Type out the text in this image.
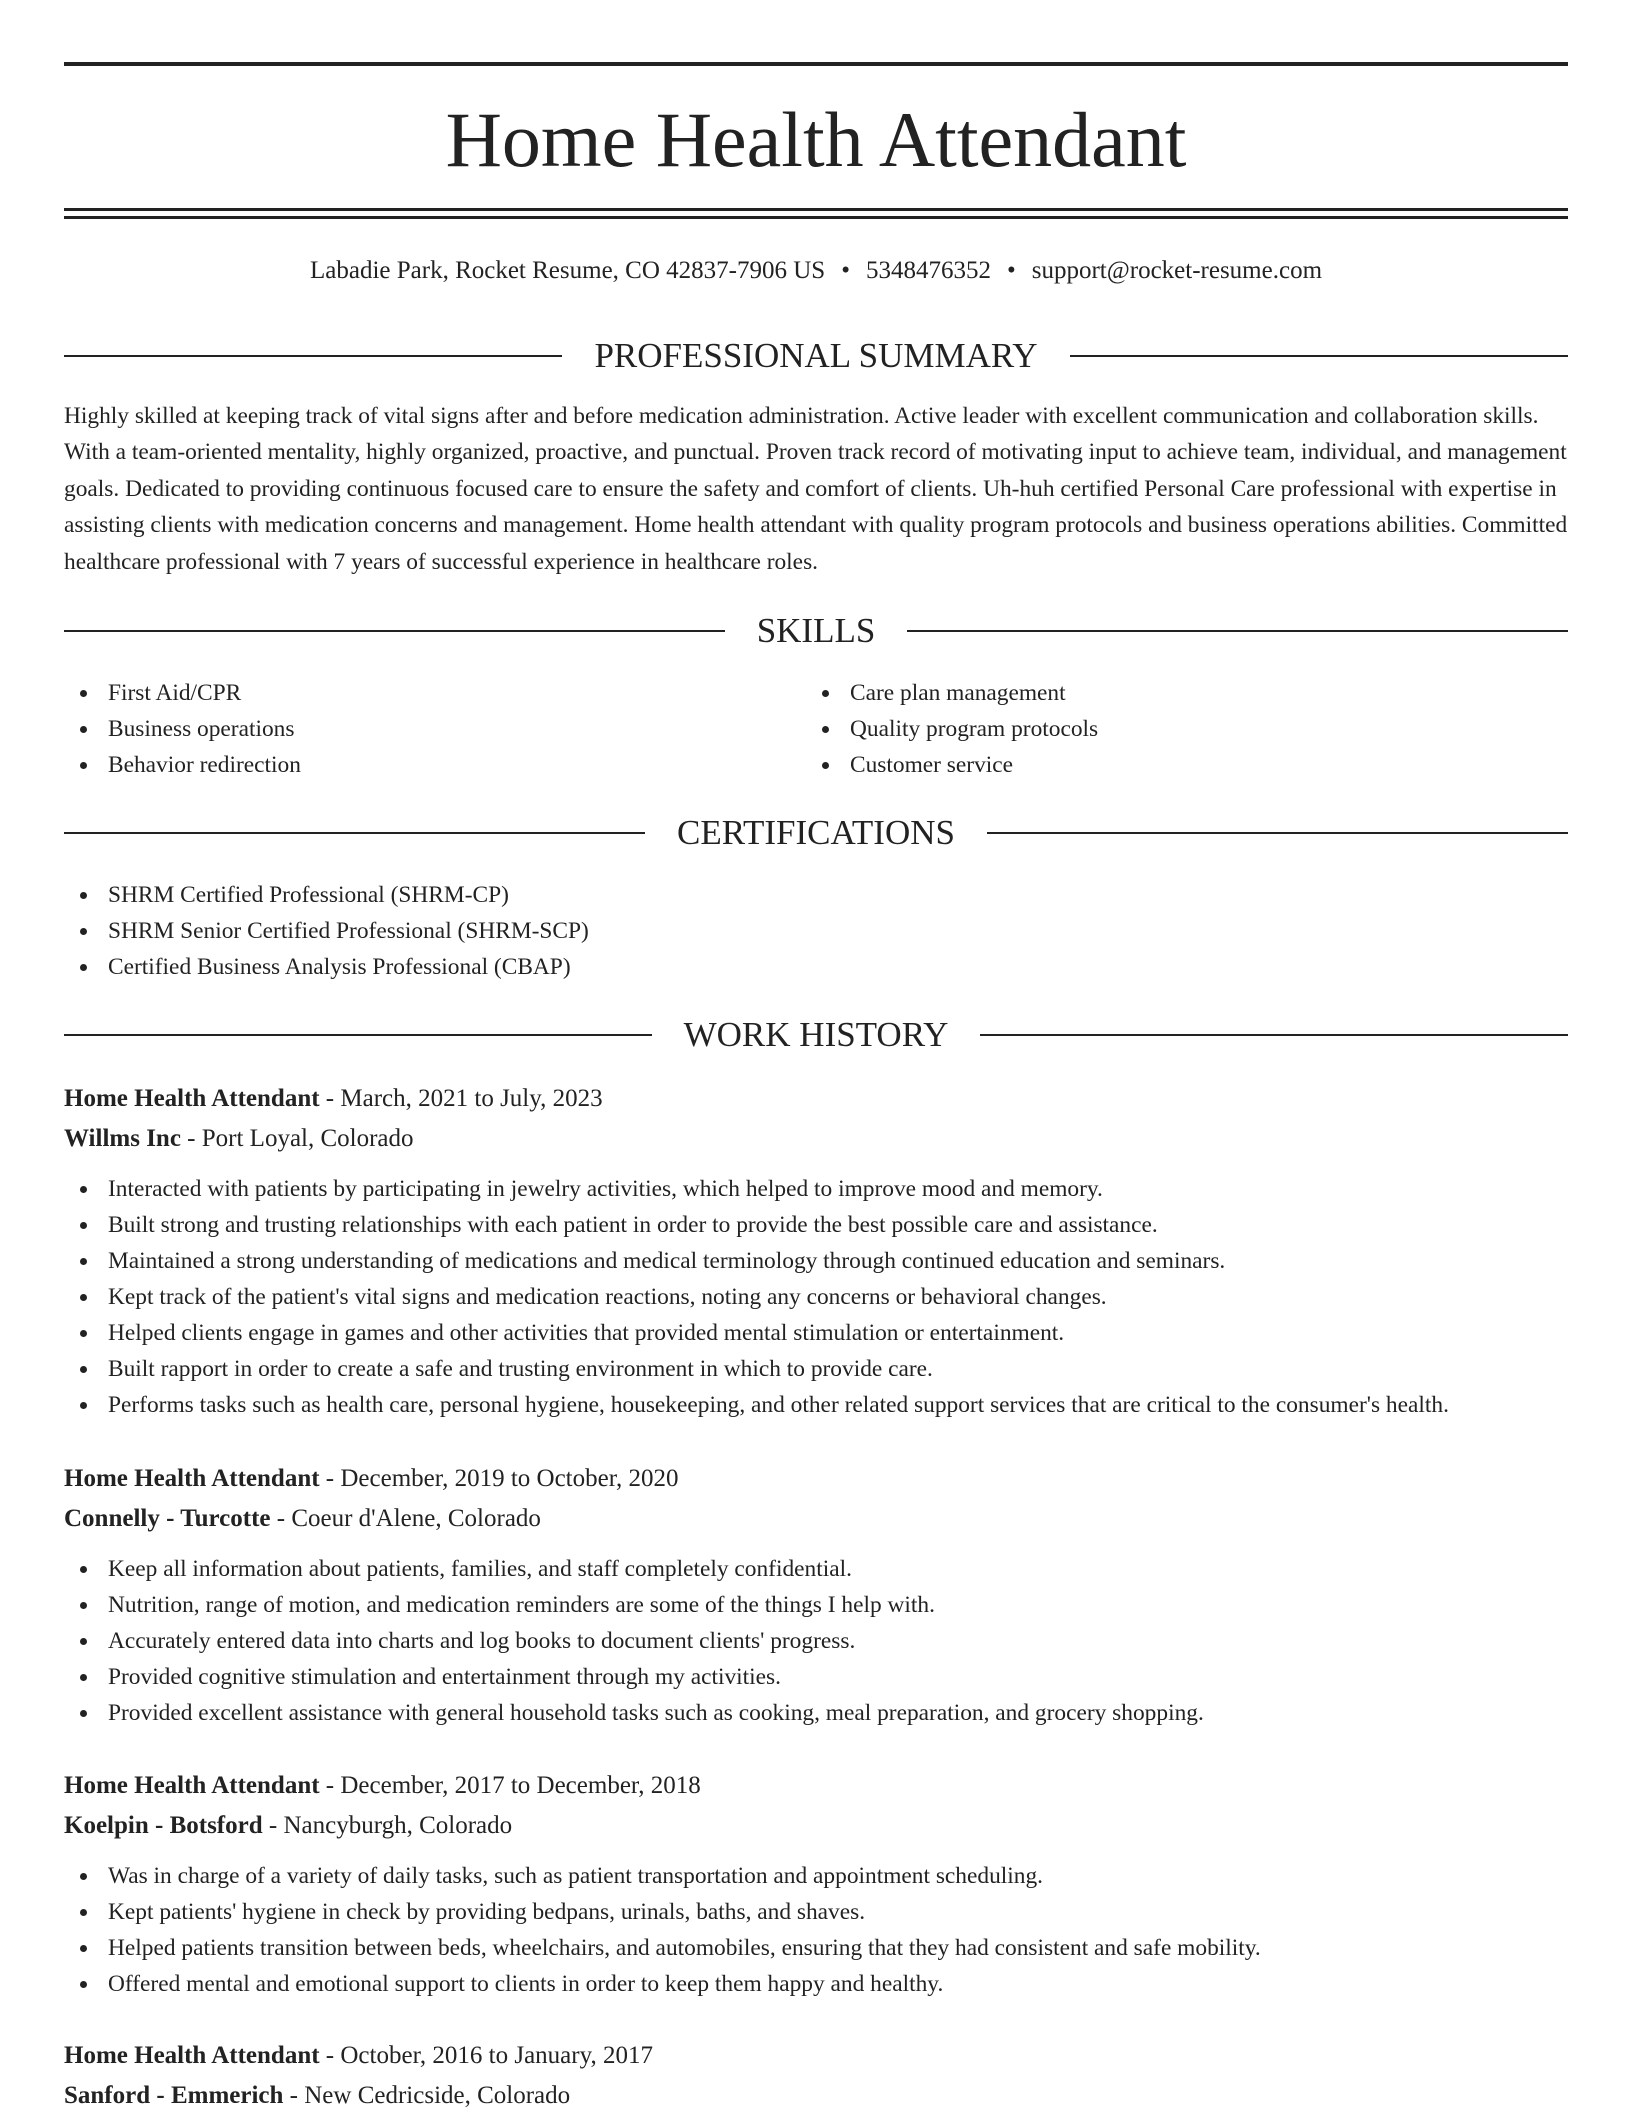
Home Health Attendant
Labadie Park, Rocket Resume, CO 42837-7906 US • 5348476352 • support@rocket-resume.com
PROFESSIONAL SUMMARY

Highly skilled at keeping track of vital signs after and before medication administration. Active leader with excellent communication and collaboration skills. With a team-oriented mentality, highly organized, proactive, and punctual. Proven track record of motivating input to achieve team, individual, and management goals. Dedicated to providing continuous focused care to ensure the safety and comfort of clients. Uh-huh certified Personal Care professional with expertise in assisting clients with medication concerns and management. Home health attendant with quality program protocols and business operations abilities. Committed healthcare professional with 7 years of successful experience in healthcare roles.

SKILLS
First Aid/CPR
Business operations
Behavior redirection
Care plan management
Quality program protocols
Customer service
CERTIFICATIONS
SHRM Certified Professional (SHRM-CP)
SHRM Senior Certified Professional (SHRM-SCP)
Certified Business Analysis Professional (CBAP)
WORK HISTORY
Home Health Attendant - March, 2021 to July, 2023
Willms Inc - Port Loyal, Colorado
Interacted with patients by participating in jewelry activities, which helped to improve mood and memory.
Built strong and trusting relationships with each patient in order to provide the best possible care and assistance.
Maintained a strong understanding of medications and medical terminology through continued education and seminars.
Kept track of the patient's vital signs and medication reactions, noting any concerns or behavioral changes.
Helped clients engage in games and other activities that provided mental stimulation or entertainment.
Built rapport in order to create a safe and trusting environment in which to provide care.
Performs tasks such as health care, personal hygiene, housekeeping, and other related support services that are critical to the consumer's health.
Home Health Attendant - December, 2019 to October, 2020
Connelly - Turcotte - Coeur d'Alene, Colorado
Keep all information about patients, families, and staff completely confidential.
Nutrition, range of motion, and medication reminders are some of the things I help with.
Accurately entered data into charts and log books to document clients' progress.
Provided cognitive stimulation and entertainment through my activities.
Provided excellent assistance with general household tasks such as cooking, meal preparation, and grocery shopping.
Home Health Attendant - December, 2017 to December, 2018
Koelpin - Botsford - Nancyburgh, Colorado
Was in charge of a variety of daily tasks, such as patient transportation and appointment scheduling.
Kept patients' hygiene in check by providing bedpans, urinals, baths, and shaves.
Helped patients transition between beds, wheelchairs, and automobiles, ensuring that they had consistent and safe mobility.
Offered mental and emotional support to clients in order to keep them happy and healthy.
Home Health Attendant - October, 2016 to January, 2017
Sanford - Emmerich - New Cedricside, Colorado
